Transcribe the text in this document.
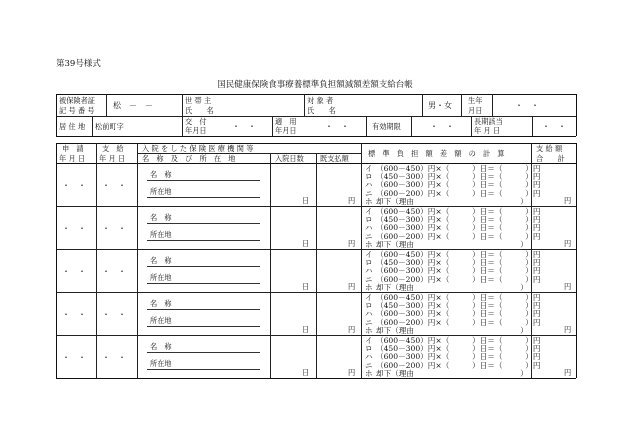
第39号様式
国民健康保険食事療養標準負担額減額差額支給台帳
被保険者証
記 号 番 号
松　－　－
世 帯 主
氏　　名
対 象 者
氏　　名
男・女
生年
月日
・　・
居 住 地 松前町字
交　付
年月日	・　・
適　用
年月日	・　・	有効期限	・　・
長期該当
年 月 日	・　・
申　請
年 月 日
支　給
年 月 日
入 院 を し た 保 険 医 療 機 関 等
名　称　及　び　所　在　地	入院日数 既支払額
標　準　負　担　額　差　額　の　計　算
支 給 額
合　　計
・　・ ・　・
名　称
所在地
日	円	円
イ （600－450）円×（　　　）日＝（　　　）円
ロ （450－300）円×（　　　）日＝（　　　）円
ハ （600－300）円×（　　　）日＝（　　　）円
ニ （600－200）円×（　　　）日＝（　　　）円
ホ 却下（理由　　　　　　　　　　　　　　）
・　・ ・　・
名　称
所在地
日	円	円
イ （600－450）円×（　　　）日＝（　　　）円
ロ （450－300）円×（　　　）日＝（　　　）円
ハ （600－300）円×（　　　）日＝（　　　）円
ニ （600－200）円×（　　　）日＝（　　　）円
ホ 却下（理由　　　　　　　　　　　　　　）
・　・ ・　・
名　称
所在地
日	円	円
イ （600－450）円×（　　　）日＝（　　　）円
ロ （450－300）円×（　　　）日＝（　　　）円
ハ （600－300）円×（　　　）日＝（　　　）円
ニ （600－200）円×（　　　）日＝（　　　）円
ホ 却下（理由　　　　　　　　　　　　　　）
・　・ ・　・
名　称
所在地
日	円	円
イ （600－450）円×（　　　）日＝（　　　）円
ロ （450－300）円×（　　　）日＝（　　　）円
ハ （600－300）円×（　　　）日＝（　　　）円
ニ （600－200）円×（　　　）日＝（　　　）円
ホ 却下（理由　　　　　　　　　　　　　　）
・　・ ・　・
名　称
所在地
日	円	円
イ （600－450）円×（　　　）日＝（　　　）円
ロ （450－300）円×（　　　）日＝（　　　）円
ハ （600－300）円×（　　　）日＝（　　　）円
ニ （600－200）円×（　　　）日＝（　　　）円
ホ 却下（理由　　　　　　　　　　　　　　）
